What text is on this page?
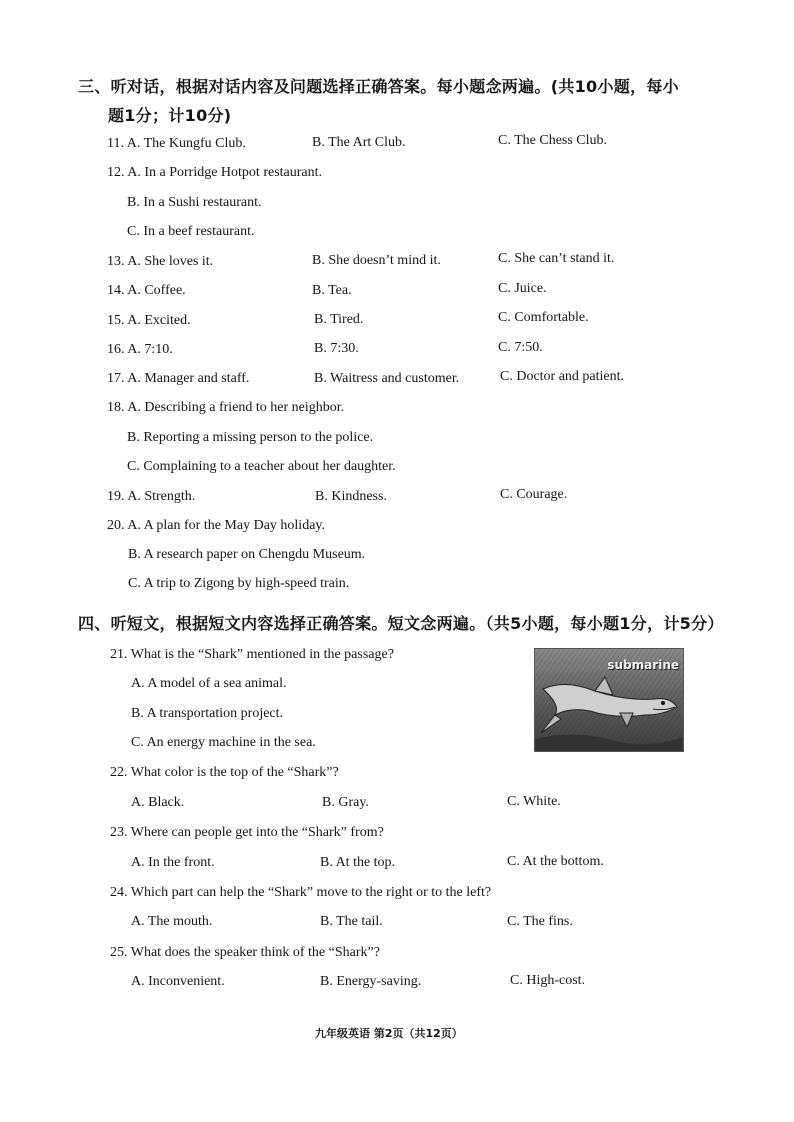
三、听对话，根据对话内容及问题选择正确答案。每小题念两遍。(共10小题，每小
题1分；计10分)
11. A. The Kungfu Club.	B. The Art Club.	C. The Chess Club.
12. A. In a Porridge Hotpot restaurant.
B. In a Sushi restaurant.
C. In a beef restaurant.
13. A. She loves it.	B. She doesn’t mind it.	C. She can’t stand it.
14. A. Coffee.	B. Tea.	C. Juice.
15. A. Excited.	B. Tired.	C. Comfortable.
16. A. 7:10.	B. 7:30.	C. 7:50.
17. A. Manager and staff.	B. Waitress and customer.	C. Doctor and patient.
18. A. Describing a friend to her neighbor.
B. Reporting a missing person to the police.
C. Complaining to a teacher about her daughter.
19. A. Strength.	B. Kindness.	C. Courage.
20. A. A plan for the May Day holiday.
B. A research paper on Chengdu Museum.
C. A trip to Zigong by high-speed train.
四、听短文，根据短文内容选择正确答案。短文念两遍。（共5小题，每小题1分，计5分）
21. What is the “Shark” mentioned in the passage?
A. A model of a sea animal.
B. A transportation project.
C. An energy machine in the sea.
submarine
22. What color is the top of the “Shark”?
A. Black.	B. Gray.	C. White.
23. Where can people get into the “Shark” from?
A. In the front.	B. At the top.	C. At the bottom.
24. Which part can help the “Shark” move to the right or to the left?
A. The mouth.	B. The tail.	C. The fins.
25. What does the speaker think of the “Shark”?
A. Inconvenient.	B. Energy-saving.	C. High-cost.
九年级英语 第2页（共12页）
